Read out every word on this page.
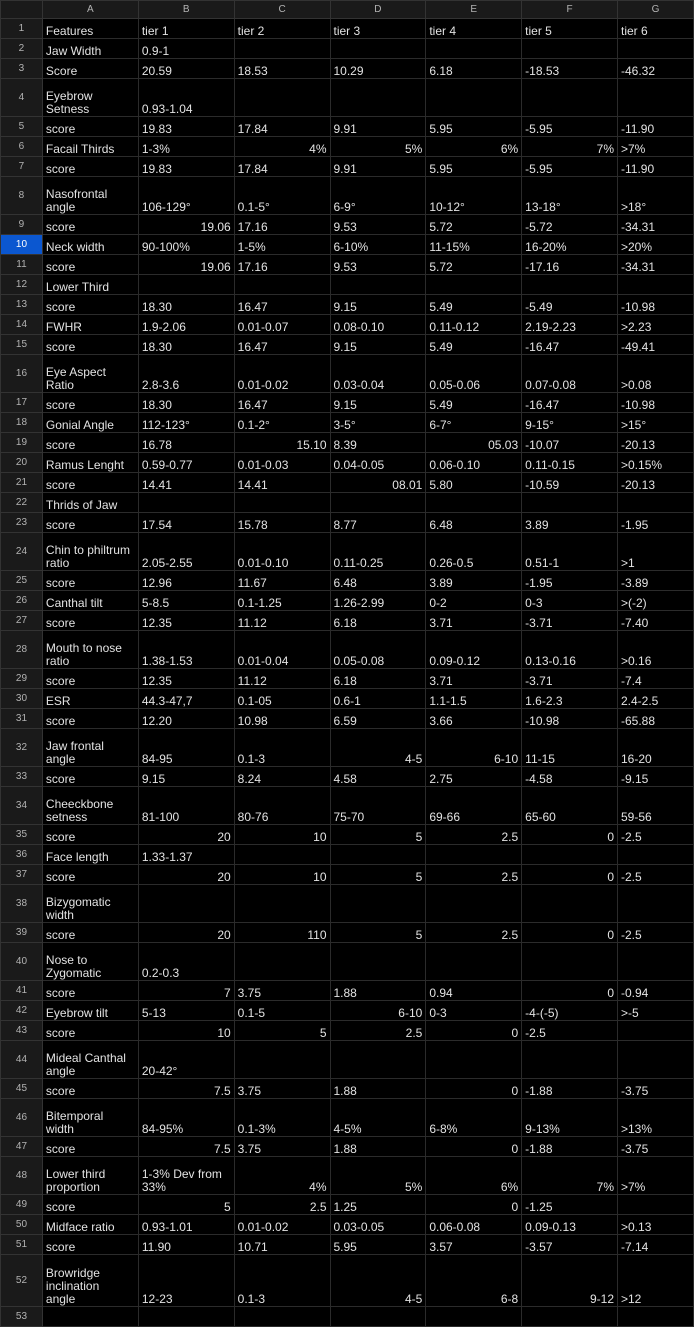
	A	B	C	D	E	F	G
1	Features	tier 1	tier 2	tier 3	tier 4	tier 5	tier 6
2	Jaw Width	0.9-1					
3	Score	20.59	18.53	10.29	6.18	-18.53	-46.32
4	Eyebrow
Setness	0.93-1.04					
5	score	19.83	17.84	9.91	5.95	-5.95	-11.90
6	Facail Thirds	1-3%	4%	5%	6%	7%	>7%
7	score	19.83	17.84	9.91	5.95	-5.95	-11.90
8	Nasofrontal
angle	106-129°	0.1-5°	6-9°	10-12°	13-18°	>18°
9	score	19.06	17.16	9.53	5.72	-5.72	-34.31
10	Neck width	90-100%	1-5%	6-10%	11-15%	16-20%	>20%
11	score	19.06	17.16	9.53	5.72	-17.16	-34.31
12	Lower Third						
13	score	18.30	16.47	9.15	5.49	-5.49	-10.98
14	FWHR	1.9-2.06	0.01-0.07	0.08-0.10	0.11-0.12	2.19-2.23	>2.23
15	score	18.30	16.47	9.15	5.49	-16.47	-49.41
16	Eye Aspect
Ratio	2.8-3.6	0.01-0.02	0.03-0.04	0.05-0.06	0.07-0.08	>0.08
17	score	18.30	16.47	9.15	5.49	-16.47	-10.98
18	Gonial Angle	112-123°	0.1-2°	3-5°	6-7°	9-15°	>15°
19	score	16.78	15.10	8.39	05.03	-10.07	-20.13
20	Ramus Lenght	0.59-0.77	0.01-0.03	0.04-0.05	0.06-0.10	0.11-0.15	>0.15%
21	score	14.41	14.41	08.01	5.80	-10.59	-20.13
22	Thrids of Jaw						
23	score	17.54	15.78	8.77	6.48	3.89	-1.95
24	Chin to philtrum
ratio	2.05-2.55	0.01-0.10	0.11-0.25	0.26-0.5	0.51-1	>1
25	score	12.96	11.67	6.48	3.89	-1.95	-3.89
26	Canthal tilt	5-8.5	0.1-1.25	1.26-2.99	0-2	0-3	>(-2)
27	score	12.35	11.12	6.18	3.71	-3.71	-7.40
28	Mouth to nose
ratio	1.38-1.53	0.01-0.04	0.05-0.08	0.09-0.12	0.13-0.16	>0.16
29	score	12.35	11.12	6.18	3.71	-3.71	-7.4
30	ESR	44.3-47,7	0.1-05	0.6-1	1.1-1.5	1.6-2.3	2.4-2.5
31	score	12.20	10.98	6.59	3.66	-10.98	-65.88
32	Jaw frontal
angle	84-95	0.1-3	4-5	6-10	11-15	16-20
33	score	9.15	8.24	4.58	2.75	-4.58	-9.15
34	Cheeckbone
setness	81-100	80-76	75-70	69-66	65-60	59-56
35	score	20	10	5	2.5	0	-2.5
36	Face length	1.33-1.37					
37	score	20	10	5	2.5	0	-2.5
38	Bizygomatic
width						
39	score	20	110	5	2.5	0	-2.5
40	Nose to
Zygomatic	0.2-0.3					
41	score	7	3.75	1.88	0.94	0	-0.94
42	Eyebrow tilt	5-13	0.1-5	6-10	0-3	-4-(-5)	>-5
43	score	10	5	2.5	0	-2.5	
44	Mideal Canthal
angle	20-42°					
45	score	7.5	3.75	1.88	0	-1.88	-3.75
46	Bitemporal
width	84-95%	0.1-3%	4-5%	6-8%	9-13%	>13%
47	score	7.5	3.75	1.88	0	-1.88	-3.75
48	Lower third
proportion	1-3% Dev from
33%	4%	5%	6%	7%	>7%
49	score	5	2.5	1.25	0	-1.25	
50	Midface ratio	0.93-1.01	0.01-0.02	0.03-0.05	0.06-0.08	0.09-0.13	>0.13
51	score	11.90	10.71	5.95	3.57	-3.57	-7.14
52	Browridge
inclination
angle	12-23	0.1-3	4-5	6-8	9-12	>12
53							
